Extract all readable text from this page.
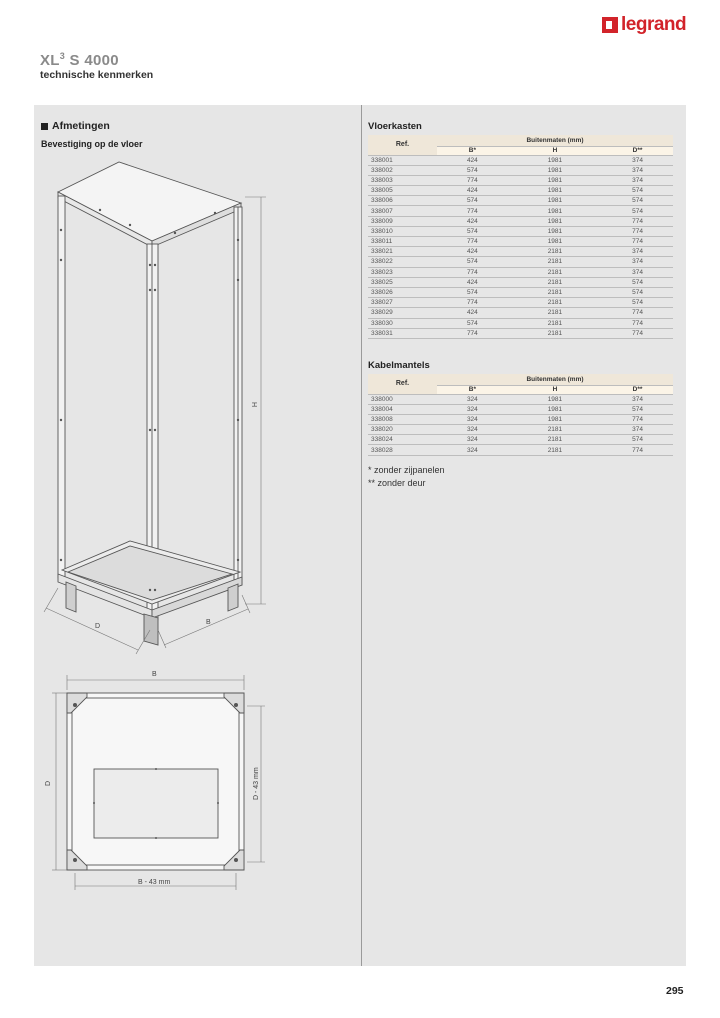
legrand
$XL^3$ S 4000
technische kenmerken
Afmetingen
Bevestiging op de vloer
H
D
B
B
D	D - 43 mm
B - 43 mm
Vloerkasten
Ref.	Buitenmaten (mm)		
	B*	H	D**
338001	424	1981	374
338002	574	1981	374
338003	774	1981	374
338005	424	1981	574
338006	574	1981	574
338007	774	1981	574
338009	424	1981	774
338010	574	1981	774
338011	774	1981	774
338021	424	2181	374
338022	574	2181	374
338023	774	2181	374
338025	424	2181	574
338026	574	2181	574
338027	774	2181	574
338029	424	2181	774
338030	574	2181	774
338031	774	2181	774
Kabelmantels
Ref.	Buitenmaten (mm)		
	B*	H	D**
338000	324	1981	374
338004	324	1981	574
338008	324	1981	774
338020	324	2181	374
338024	324	2181	574
338028	324	2181	774
* zonder zijpanelen
** zonder deur
295
